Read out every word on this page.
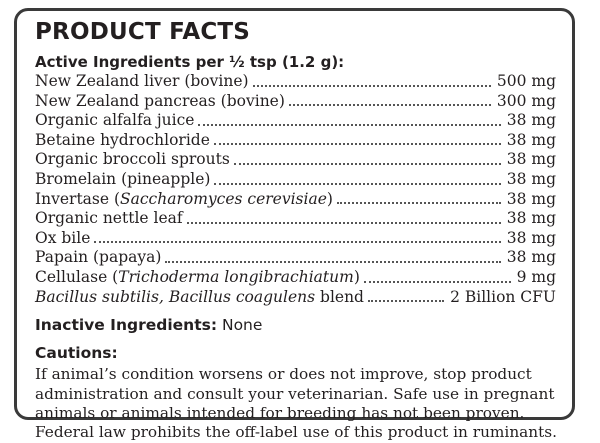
PRODUCT FACTS
Active Ingredients per ½ tsp (1.2 g):
New Zealand liver (bovine)	500 mg
New Zealand pancreas (bovine)	300 mg
Organic alfalfa juice	38 mg
Betaine hydrochloride	38 mg
Organic broccoli sprouts	38 mg
Bromelain (pineapple)	38 mg
Invertase (Saccharomyces cerevisiae)	38 mg
Organic nettle leaf	38 mg
Ox bile	38 mg
Papain (papaya)	38 mg
Cellulase (Trichoderma longibrachiatum)	9 mg
Bacillus subtilis, Bacillus coagulens blend	2 Billion CFU
Inactive Ingredients: None
Cautions:
If animal’s condition worsens or does not improve, stop product administration and consult your veterinarian. Safe use in pregnant animals or animals intended for breeding has not been proven. Federal law prohibits the off-label use of this product in ruminants.
